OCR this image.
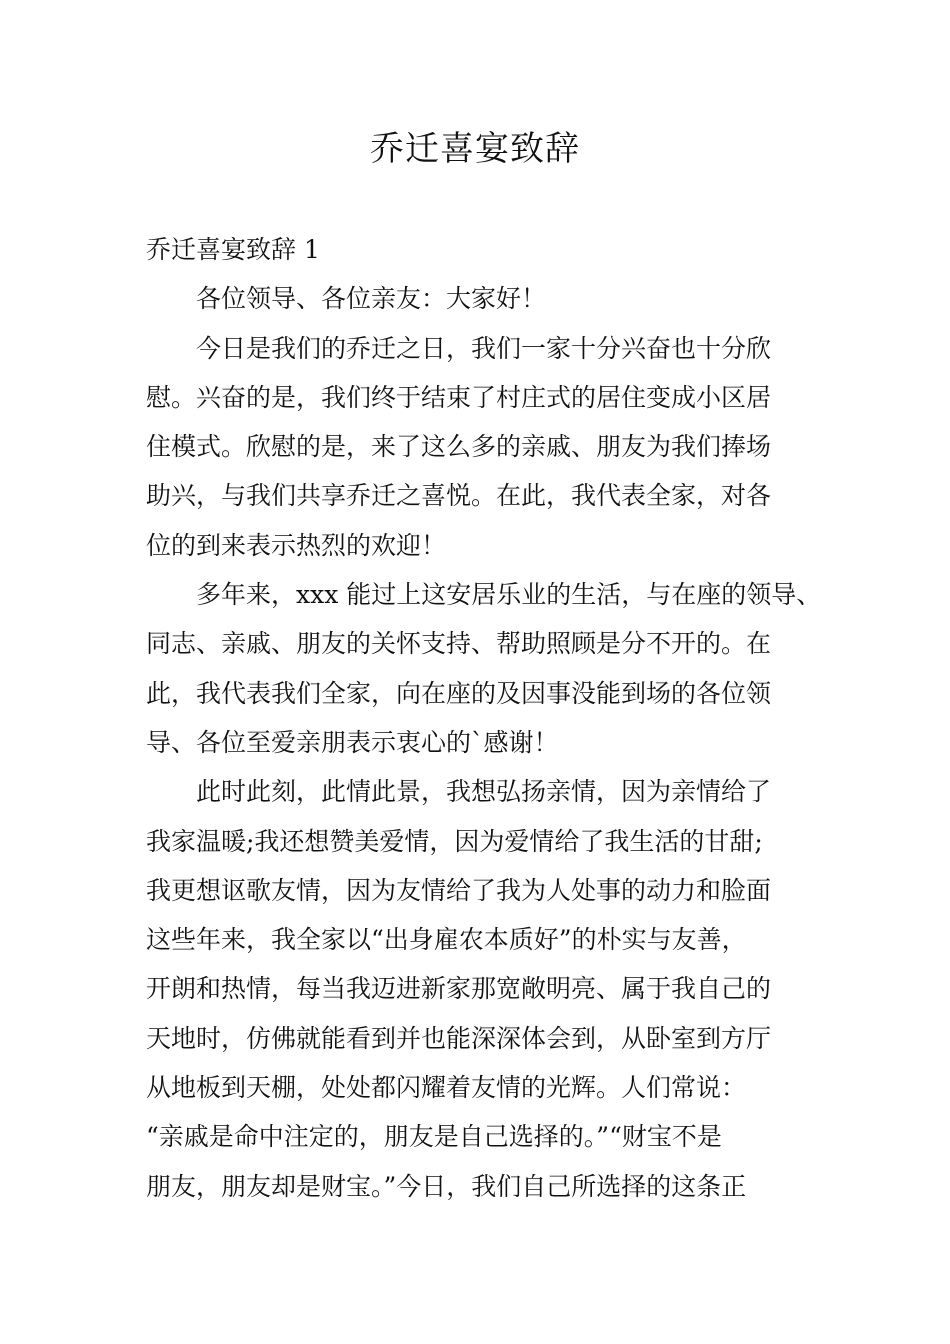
乔迁喜宴致辞
乔迁喜宴致辞 1
各位领导、各位亲友：大家好！
今日是我们的乔迁之日，我们一家十分兴奋也十分欣
慰。兴奋的是，我们终于结束了村庄式的居住变成小区居
住模式。欣慰的是，来了这么多的亲戚、朋友为我们捧场
助兴，与我们共享乔迁之喜悦。在此，我代表全家，对各
位的到来表示热烈的欢迎！
多年来，xxx 能过上这安居乐业的生活，与在座的领导、
同志、亲戚、朋友的关怀支持、帮助照顾是分不开的。在
此，我代表我们全家，向在座的及因事没能到场的各位领
导、各位至爱亲朋表示衷心的`感谢！
此时此刻，此情此景，我想弘扬亲情，因为亲情给了
我家温暖;我还想赞美爱情，因为爱情给了我生活的甘甜;
我更想讴歌友情，因为友情给了我为人处事的动力和脸面
这些年来，我全家以“出身雇农本质好”的朴实与友善，
开朗和热情，每当我迈进新家那宽敞明亮、属于我自己的
天地时，仿佛就能看到并也能深深体会到，从卧室到方厅
从地板到天棚，处处都闪耀着友情的光辉。人们常说：
“亲戚是命中注定的，朋友是自己选择的。”“财宝不是
朋友，朋友却是财宝。”今日，我们自己所选择的这条正
